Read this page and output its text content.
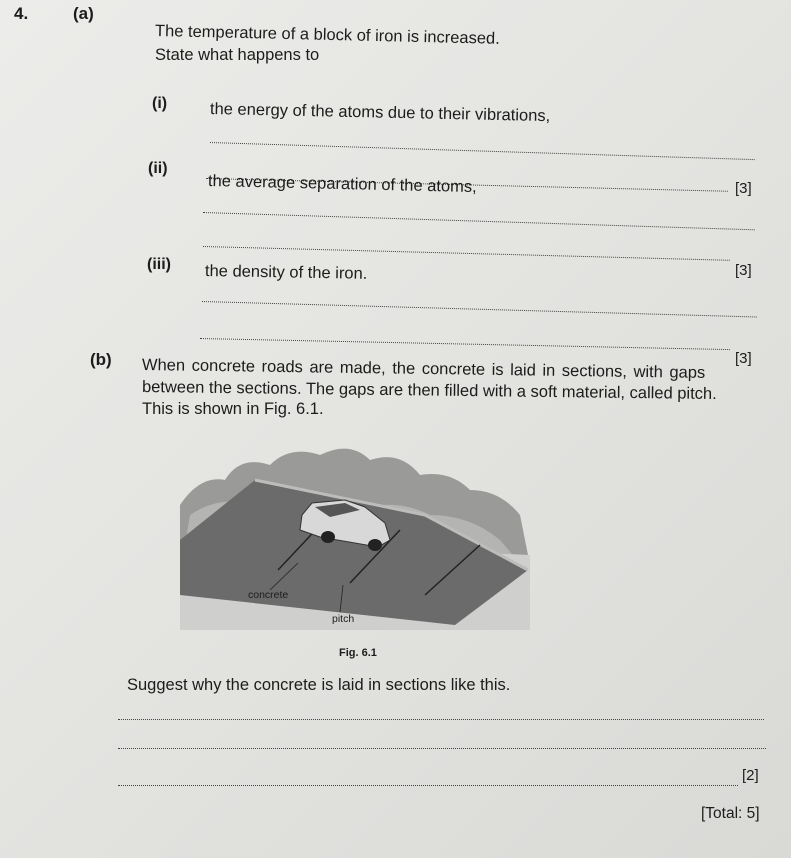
4.	(a)
The temperature of a block of iron is increased.
State what happens to
(i)	the energy of the atoms due to their vibrations,
[3]
(ii)
the average separation of the atoms,
[3]
(iii) the density of the iron.
[3]
(b) When concrete roads are made, the concrete is laid in sections, with gaps
between the sections. The gaps are then filled with a soft material, called pitch.
This is shown in Fig. 6.1.
concrete
pitch
Fig. 6.1
Suggest why the concrete is laid in sections like this.
[2]
[Total: 5]
